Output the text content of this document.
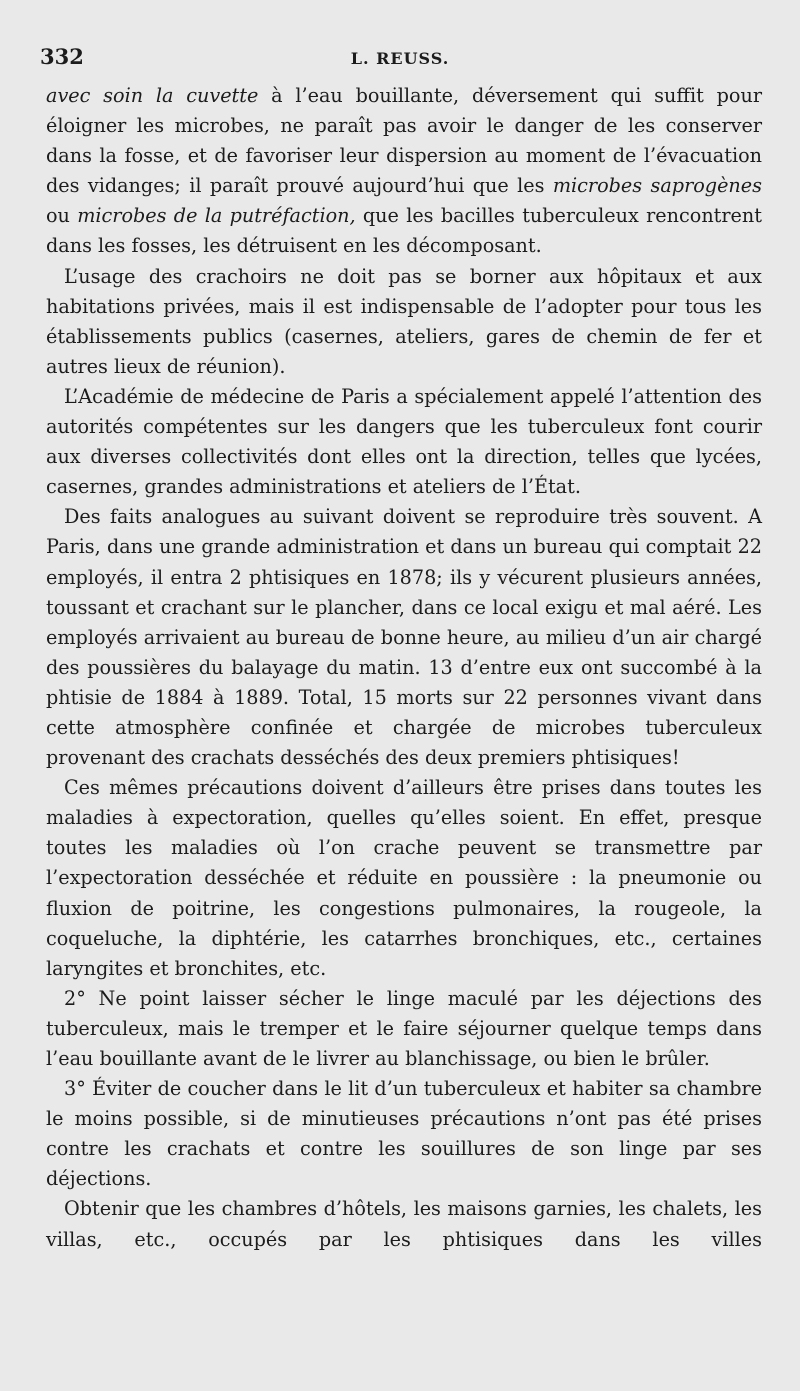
332	L. REUSS.

avec soin la cuvette à l’eau bouillante, déversement qui suffit pour éloigner les microbes, ne paraît pas avoir le danger de les conserver dans la fosse, et de favoriser leur dispersion au moment de l’évacuation des vidanges; il paraît prouvé aujourd’hui que les microbes saprogènes ou microbes de la putréfaction, que les bacilles tuberculeux rencontrent dans les fosses, les détruisent en les décomposant.

L’usage des crachoirs ne doit pas se borner aux hôpitaux et aux habitations privées, mais il est indispensable de l’adopter pour tous les établissements publics (casernes, ateliers, gares de chemin de fer et autres lieux de réunion).

L’Académie de médecine de Paris a spécialement appelé l’attention des autorités compétentes sur les dangers que les tuberculeux font courir aux diverses collectivités dont elles ont la direction, telles que lycées, casernes, grandes administrations et ateliers de l’État.

Des faits analogues au suivant doivent se reproduire très souvent. A Paris, dans une grande administration et dans un bureau qui comptait 22 employés, il entra 2 phtisiques en 1878; ils y vécurent plusieurs années, toussant et crachant sur le plancher, dans ce local exigu et mal aéré. Les employés arrivaient au bureau de bonne heure, au milieu d’un air chargé des poussières du balayage du matin. 13 d’entre eux ont succombé à la phtisie de 1884 à 1889. Total, 15 morts sur 22 personnes vivant dans cette atmosphère confinée et chargée de microbes tuberculeux provenant des crachats desséchés des deux premiers phtisiques!

Ces mêmes précautions doivent d’ailleurs être prises dans toutes les maladies à expectoration, quelles qu’elles soient. En effet, presque toutes les maladies où l’on crache peuvent se transmettre par l’expectoration desséchée et réduite en poussière : la pneumonie ou fluxion de poitrine, les congestions pulmonaires, la rougeole, la coqueluche, la diphtérie, les catarrhes bronchiques, etc., certaines laryngites et bronchites, etc.

2° Ne point laisser sécher le linge maculé par les déjections des tuberculeux, mais le tremper et le faire séjourner quelque temps dans l’eau bouillante avant de le livrer au blanchissage, ou bien le brûler.

3° Éviter de coucher dans le lit d’un tuberculeux et habiter sa chambre le moins possible, si de minutieuses précautions n’ont pas été prises contre les crachats et contre les souillures de son linge par ses déjections.

Obtenir que les chambres d’hôtels, les maisons garnies, les chalets, les villas, etc., occupés par les phtisiques dans les villes
